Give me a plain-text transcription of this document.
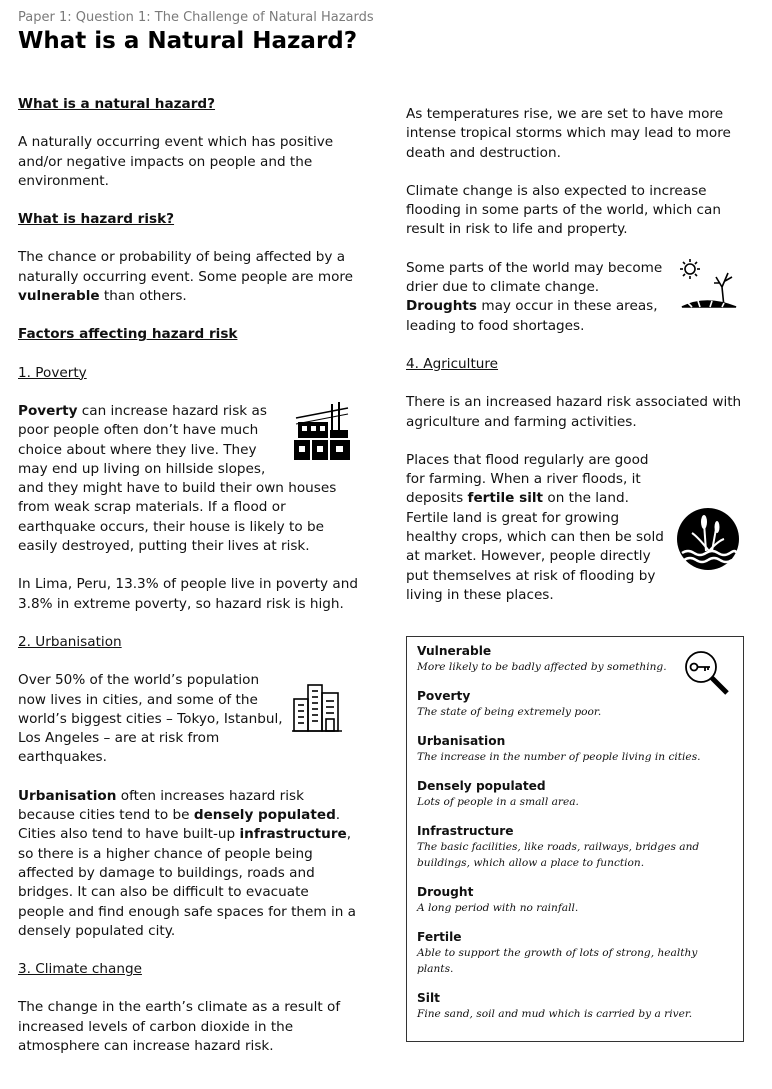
Paper 1: Question 1: The Challenge of Natural Hazards
What is a Natural Hazard?
What is a natural hazard?

A naturally occurring event which has positive and/or negative impacts on people and the environment.

What is hazard risk?

The chance or probability of being affected by a naturally occurring event. Some people are more vulnerable than others.

Factors affecting hazard risk
1. Poverty

Poverty can increase hazard risk as poor people often don’t have much choice about where they live. They may end up living on hillside slopes, and they might have to build their own houses from weak scrap materials. If a flood or earthquake occurs, their house is likely to be easily destroyed, putting their lives at risk.

In Lima, Peru, 13.3% of people live in poverty and 3.8% in extreme poverty, so hazard risk is high.

2. Urbanisation

Over 50% of the world’s population now lives in cities, and some of the world’s biggest cities – Tokyo, Istanbul, Los Angeles – are at risk from earthquakes.

Urbanisation often increases hazard risk because cities tend to be densely populated. Cities also tend to have built-up infrastructure, so there is a higher chance of people being affected by damage to buildings, roads and bridges. It can also be difficult to evacuate people and find enough safe spaces for them in a densely populated city.

3. Climate change

The change in the earth’s climate as a result of increased levels of carbon dioxide in the atmosphere can increase hazard risk.

As temperatures rise, we are set to have more intense tropical storms which may lead to more death and destruction.

Climate change is also expected to increase flooding in some parts of the world, which can result in risk to life and property.

Some parts of the world may become drier due to climate change. Droughts may occur in these areas, leading to food shortages.

4. Agriculture

There is an increased hazard risk associated with agriculture and farming activities.

Places that flood regularly are good for farming. When a river floods, it deposits fertile silt on the land. Fertile land is great for growing healthy crops, which can then be sold at market. However, people directly put themselves at risk of flooding by living in these places.

Vulnerable
More likely to be badly affected by something.
Poverty
The state of being extremely poor.
Urbanisation
The increase in the number of people living in cities.
Densely populated
Lots of people in a small area.
Infrastructure
The basic facilities, like roads, railways, bridges and buildings, which allow a place to function.
Drought
A long period with no rainfall.
Fertile
Able to support the growth of lots of strong, healthy plants.
Silt
Fine sand, soil and mud which is carried by a river.
